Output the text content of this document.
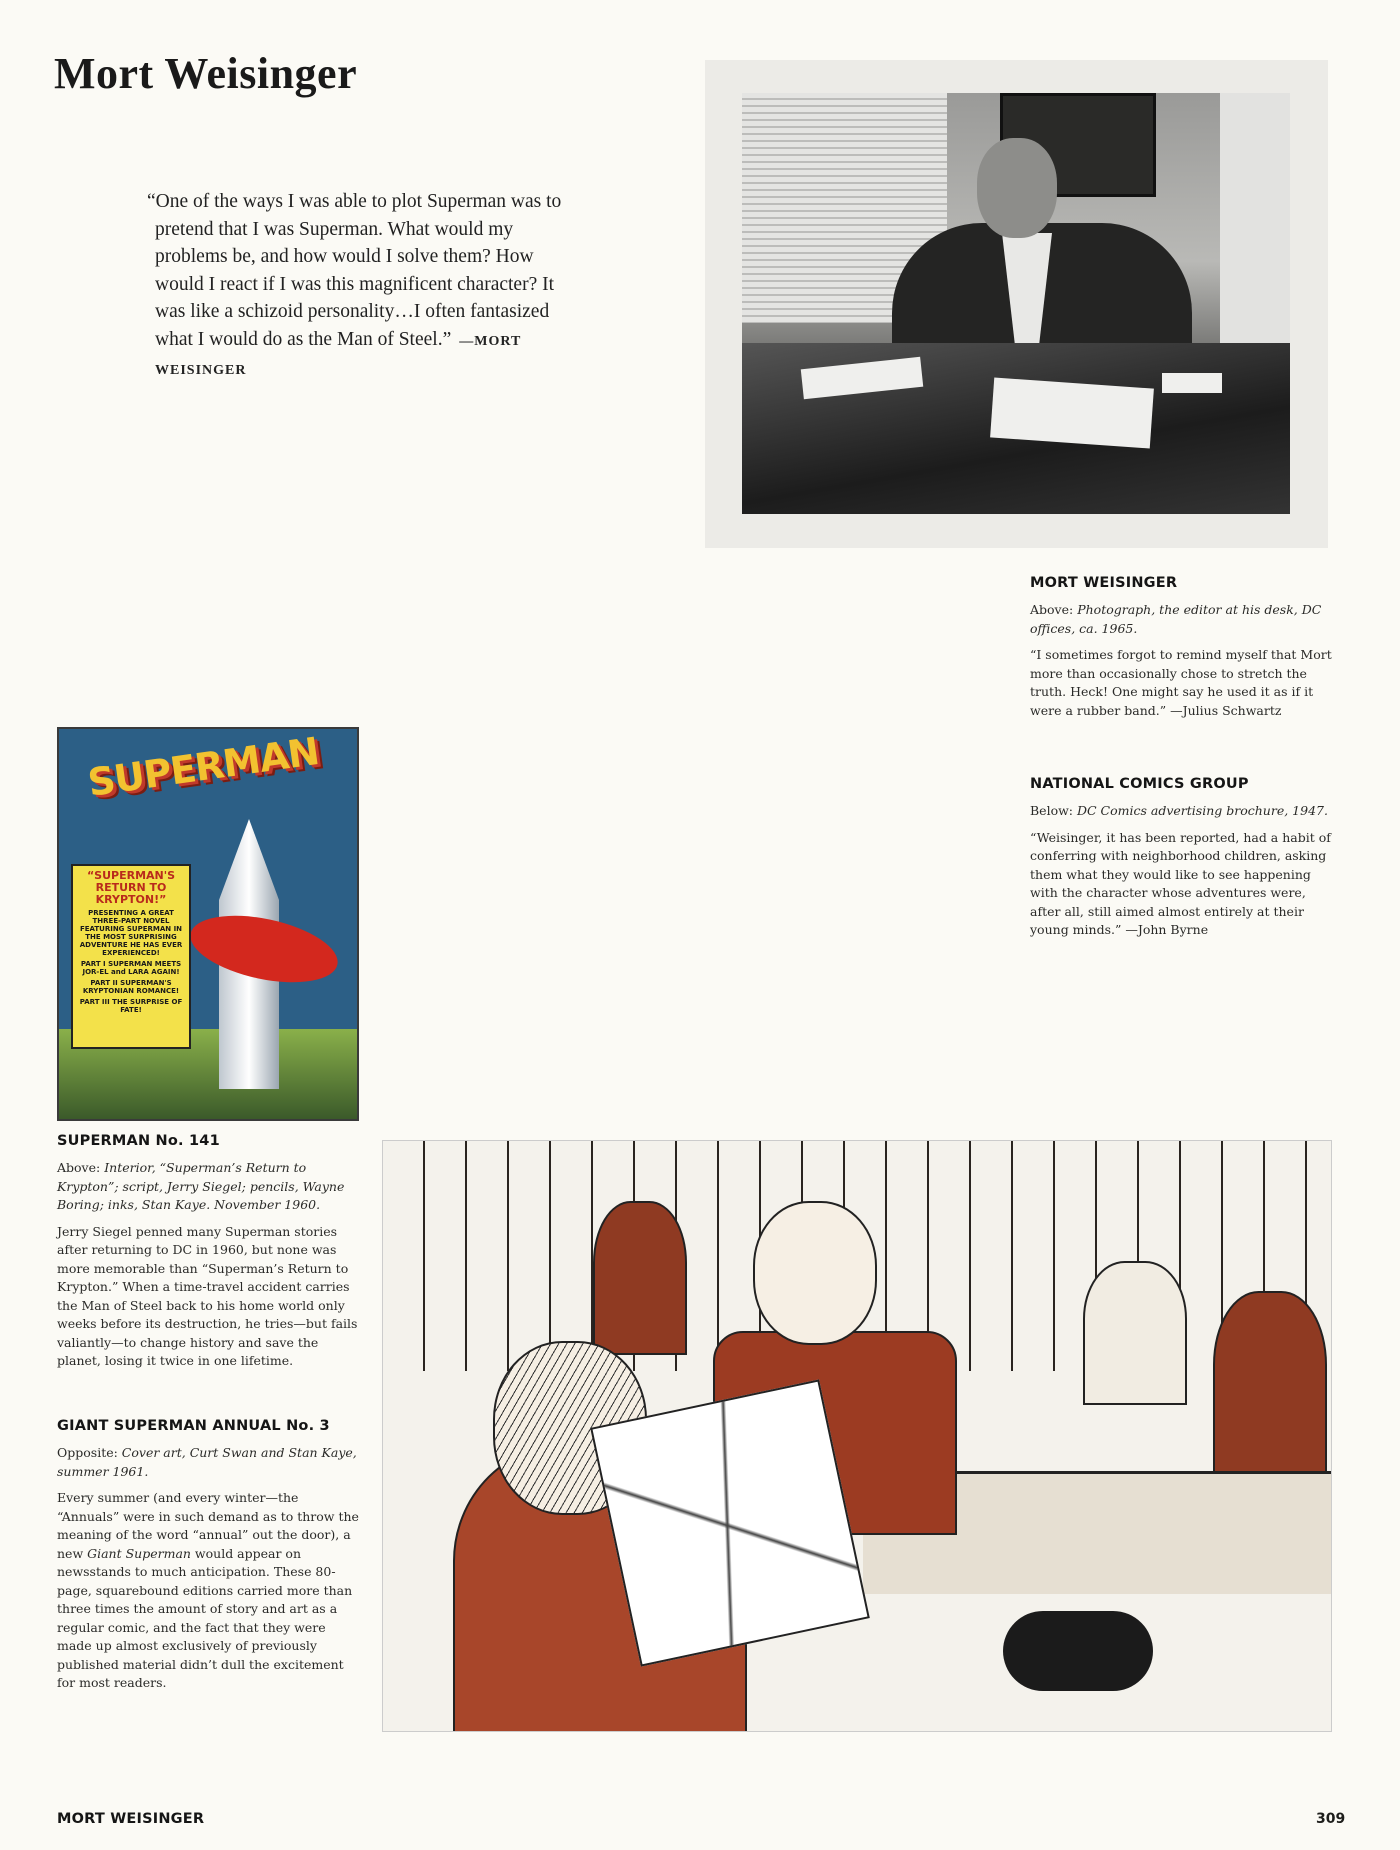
Mort Weisinger
“One of the ways I was able to plot Superman was to pretend that I was Superman. What would my problems be, and how would I solve them? How would I react if I was this magnificent character? It was like a schizoid personality…I often fantasized what I would do as the Man of Steel.” —MORT WEISINGER
MORT WEISINGER

Above: Photograph, the editor at his desk, DC offices, ca. 1965.

“I sometimes forgot to remind myself that Mort more than occasionally chose to stretch the truth. Heck! One might say he used it as if it were a rubber band.” —Julius Schwartz

NATIONAL COMICS GROUP

Below: DC Comics advertising brochure, 1947.

“Weisinger, it has been reported, had a habit of conferring with neighborhood children, asking them what they would like to see happening with the character whose adventures were, after all, still aimed almost entirely at their young minds.” —John Byrne

SUPERMAN
“SUPERMAN'S RETURN TO KRYPTON!”
PRESENTING A GREAT THREE-PART NOVEL FEATURING SUPERMAN IN THE MOST SURPRISING ADVENTURE HE HAS EVER EXPERIENCED!
PART I SUPERMAN MEETS JOR-EL and LARA AGAIN!
PART II SUPERMAN'S KRYPTONIAN ROMANCE!
PART III THE SURPRISE OF FATE!
SUPERMAN No. 141

Above: Interior, “Superman’s Return to Krypton”; script, Jerry Siegel; pencils, Wayne Boring; inks, Stan Kaye. November 1960.

Jerry Siegel penned many Superman stories after returning to DC in 1960, but none was more memorable than “Superman’s Return to Krypton.” When a time-travel accident carries the Man of Steel back to his home world only weeks before its destruction, he tries—but fails valiantly—to change history and save the planet, losing it twice in one lifetime.

GIANT SUPERMAN ANNUAL No. 3

Opposite: Cover art, Curt Swan and Stan Kaye, summer 1961.

Every summer (and every winter—the “Annuals” were in such demand as to throw the meaning of the word “annual” out the door), a new Giant Superman would appear on newsstands to much anticipation. These 80-page, squarebound editions carried more than three times the amount of story and art as a regular comic, and the fact that they were made up almost exclusively of previously published material didn’t dull the excitement for most readers.

MORT WEISINGER	309
